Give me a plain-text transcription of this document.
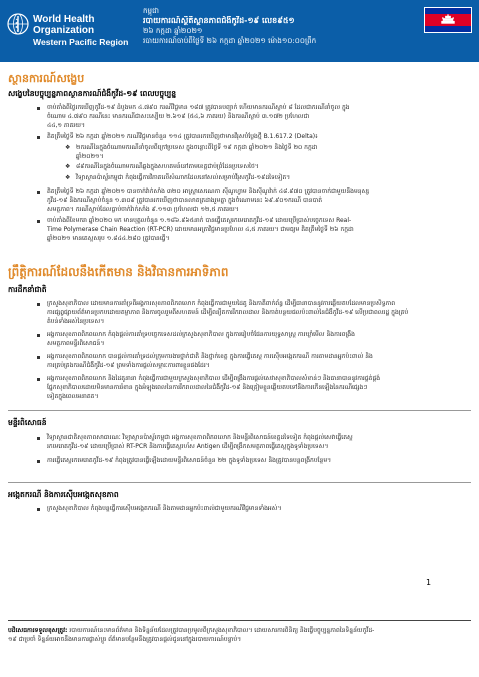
World Health
Organization
Western Pacific Region
កម្ពុជា
របាយការណ៍ស្ថិតិស្ថានភាពជំងឺកូវីដ-១៩ លេខ៩៥១
២៦ កក្កដា ឆ្នាំ២០២១
របាយការណ៍ចាប់ពីថ្ងៃទី ២៦ កក្កដា ឆ្នាំ២០២១ ម៉ោង១០:០០ព្រឹក
ស្ថានការណ៍សង្ខេប
សង្ខេបនៃបច្ចុប្បន្នភាពស្ថានការណ៍ជំងឺកូវីដ-១៩ ពេលបច្ចុប្បន្ន
ចាប់តាំងពីថ្ងៃរកឃើញកូវីដ-១៩ ដំបូងមក ៤.៧៩០ ករណីវិជ្ជមាន ១៨៧ ត្រូវបានបញ្ជាក់ ហើយមានករណីស្លាប់ ៨ ដែលជាករណីនាំចូល ក្នុង
ចំណោម ៤.៧៩០ ករណីនេះ មានករណីជាសះស្បើយ ២.៦១៩ (៥៤,៦ ភាគរយ) និងករណីស្លាប់ ៣.១៧២ ប្រហែលជា
៤៤,១ ភាគរយ។
គិតត្រឹមថ្ងៃទី ២៦ កក្កដា ឆ្នាំ២០២១ ករណីវិជ្ជមានចំនួន ១១៤ ត្រូវបានរកឃើញថាមានវីរុសបំប្លែងថ្មី B.1.617.2 (Delta)៖
❖ ២ករណីនៃក្នុងចំណោមករណីនាំចូលពីក្រៅប្រទេស ក្នុងចន្លោះពីថ្ងៃទី ១៩ កក្កដា ឆ្នាំ២០២១ និងថ្ងៃទី ២០ កក្កដា
ឆ្នាំ២០២១។
❖ ៨៩ករណីនៃក្នុងចំណោមករណីឆ្លងក្នុងសហគមន៍នៅតាមខេត្តជាប់ព្រំដែនប្រទេសថៃ។
❖ វិទ្យាស្ថានប៉ាស្ទ័រកម្ពុជា កំពុងធ្វើការវិភាគលើសំណាកដែលនៅសល់សម្រាប់វីរុសកូវីដ-១៩ដទៃទៀត។
គិតត្រឹមថ្ងៃទី ២៦ កក្កដា ឆ្នាំ២០២១ បានចាក់វ៉ាក់សាំង ៣២០ អាស្ត្រាសេណេកា ស៊ីណូហ្វាម និងស៊ីណូវ៉ាក់ ៤៨.៩៧០ ត្រូវបានចាក់ជាមួយនឹងមនុស្ស
កូវីដ-១៩ និងករណីស្លាប់ចំនួន ១.៣០៩ ត្រូវបានរកឃើញថាបានលាតត្រដាងរួមគ្នា ក្នុងចំណោមនេះ ៦៩.៩០១ករណី បានបាត់
សមត្ថភាព។ ករណីស្លាប់ដែលធ្លាប់ចាក់វ៉ាក់សាំង ៩.១១៣ ប្រហែលជា ១២,៥ ភាគរយ។
ចាប់តាំងពីខែមករា ឆ្នាំ២០២០ មក មានបុគ្គលចំនួន ១.១៨៦.៩៦៥នាក់ បានធ្វើតេស្តរកមេរោគកូវីដ-១៩ ដោយប្រើប្រាស់បច្ចេកទេស Real-
Time Polymerase Chain Reaction (RT-PCR) ដោយមានអត្រាវិជ្ជមានប្រហែល ៤,៥ ភាគរយ។ ជាមធ្យម គិតត្រឹមថ្ងៃទី ២៦ កក្កដា
ឆ្នាំ២០២១ មានតេស្តសរុប ១.៨៤៤.២៨០ ត្រូវបានធ្វើ។
ព្រឹត្តិការណ៍ដែលនឹងកើតមាន និងវិធានការអាទិភាព
ការដឹកនាំជាតិ
ក្រសួងសុខាភិបាល ដោយមានការគាំទ្រពីអង្គការសុខភាពពិភពលោក កំពុងធ្វើការជាមួយដៃគូ និងភាគីពាក់ព័ន្ធ ដើម្បីធានាបាននូវការឆ្លើយតបដែលមានប្រសិទ្ធភាព
ការផ្សព្វផ្សាយព័ត៌មានប្រកបដោយតម្លាភាព និងការចូលរួមពីសហគមន៍ ដើម្បីពន្យឺតការរីករាលដាល និងកាត់បន្ថយផលប៉ះពាល់នៃជំងឺកូវីដ-១៩ លើប្រជាពលរដ្ឋ ក្នុងគ្រប់
តំបន់ទាំងអស់នៃប្រទេស។
អង្គការសុខភាពពិភពលោក កំពុងផ្តល់ការគាំទ្របច្ចេកទេសដល់ក្រសួងសុខាភិបាល ក្នុងការរៀបចំផែនការយុទ្ធសាស្ត្រ ការឃ្លាំមើល និងការពង្រឹង
សមត្ថភាពមន្ទីរពិសោធន៍។
អង្គការសុខភាពពិភពលោក បានផ្តល់ការគាំទ្រដល់ក្រុមការងារថ្នាក់ជាតិ និងថ្នាក់ខេត្ត ក្នុងការធ្វើតេស្ត ការស៊ើបអង្កេតករណី ការតាមដានអ្នកប៉ះពាល់ និង
ការគ្រប់គ្រងករណីជំងឺកូវីដ-១៩ ព្រមទាំងការផ្តល់សម្ភារៈការពារខ្លួនផងដែរ។
អង្គការសុខភាពពិភពលោក និងដៃគូនានា កំពុងធ្វើការជាមួយក្រសួងសុខាភិបាល ដើម្បីពង្រឹងការផ្តល់សេវាសុខាភិបាលសំខាន់ៗ និងធានាបាននូវការផ្គត់ផ្គង់
ផ្នែកសុខាភិបាលដោយមិនមានការរំខាន ក្នុងអំឡុងពេលនៃការរីករាលដាលនៃជំងឺកូវីដ-១៩ និងត្រៀមខ្លួនឆ្លើយតបទៅនឹងការកើនឡើងនៃករណីផ្សេងៗ
ទៀតក្នុងពេលអនាគត។
មន្ទីរពិសោធន៍
វិទ្យាស្ថានជាតិសុខភាពសាធារណៈ វិទ្យាស្ថានប៉ាស្ទ័រកម្ពុជា អង្គការសុខភាពពិភពលោក និងមន្ទីរពិសោធន៍ខេត្តដទៃទៀត កំពុងផ្តល់សេវាធ្វើតេស្ត
រកមេរោគកូវីដ-១៩ ដោយប្រើប្រាស់ RT-PCR និងការធ្វើតេស្តរហ័ស Antigen ដើម្បីពង្រីកសមត្ថភាពធ្វើតេស្តក្នុងទូទាំងប្រទេស។
ការធ្វើតេស្តរកមេរោគកូវីដ-១៩ កំពុងត្រូវបានធ្វើឡើងដោយមន្ទីរពិសោធន៍ចំនួន ២២ ក្នុងទូទាំងប្រទេស និងត្រូវបានបន្តពង្រីកបន្ថែម។
អង្កេតករណី និងការស៊ើបអង្កេតសុខភាព
ក្រសួងសុខាភិបាល កំពុងបន្តធ្វើការស៊ើបអង្កេតករណី និងតាមដានអ្នកប៉ះពាល់ជាមួយករណីវិជ្ជមានទាំងអស់។
1
បដិសេធការទទួលខុសត្រូវ: របាយការណ៍នេះមានព័ត៌មាន និងទិន្នន័យដែលត្រូវបានប្រមូលពីក្រសួងសុខាភិបាល។ ដោយសារការពិនិត្យ និងធ្វើបច្ចុប្បន្នភាពនៃទិន្នន័យកូវីដ-
១៩ ជាប្រចាំ ទិន្នន័យអាចនឹងមានការផ្លាស់ប្តូរ ព័ត៌មានបន្ថែមនឹងត្រូវបានផ្តល់ជូននៅក្នុងរបាយការណ៍បន្ទាប់។
